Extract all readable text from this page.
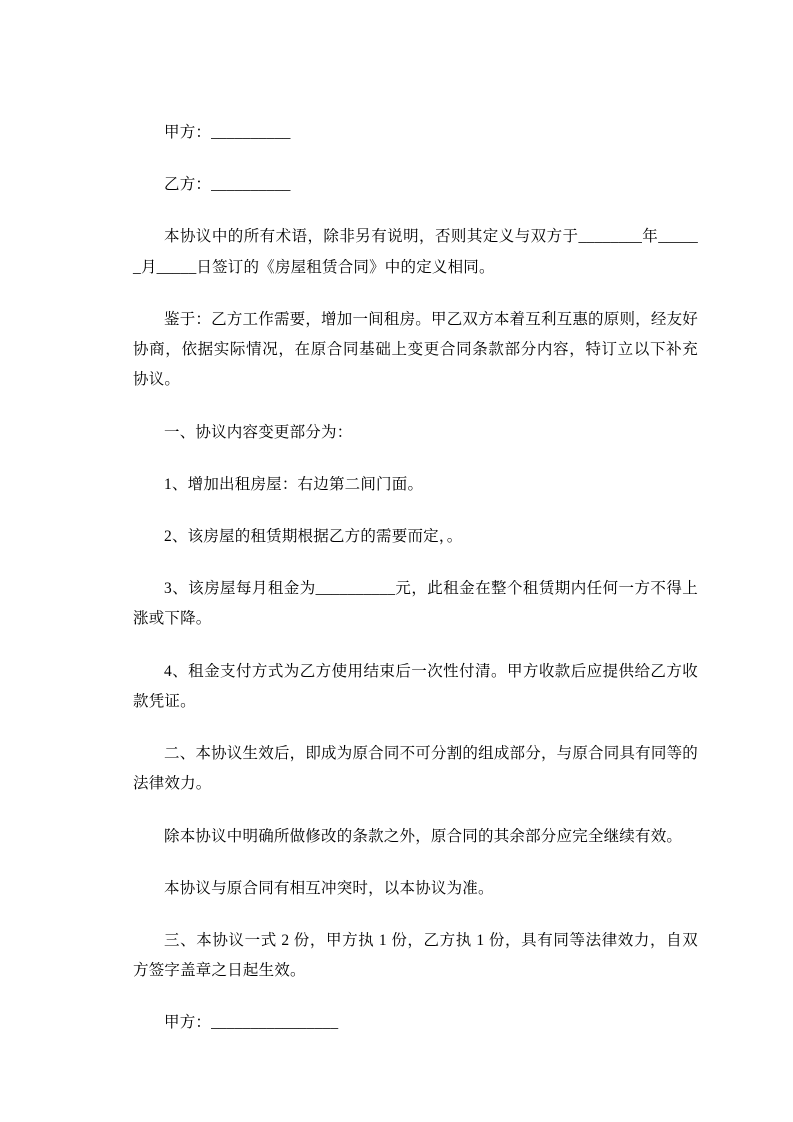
甲方：__________

乙方：__________

本协议中的所有术语，除非另有说明，否则其定义与双方于________年______月_____日签订的《房屋租赁合同》中的定义相同。

鉴于：乙方工作需要，增加一间租房。甲乙双方本着互利互惠的原则，经友好协商，依据实际情况，在原合同基础上变更合同条款部分内容，特订立以下补充协议。

一、协议内容变更部分为：

1、增加出租房屋：右边第二间门面。

2、该房屋的租赁期根据乙方的需要而定，。

3、该房屋每月租金为__________元，此租金在整个租赁期内任何一方不得上涨或下降。

4、租金支付方式为乙方使用结束后一次性付清。甲方收款后应提供给乙方收款凭证。

二、本协议生效后，即成为原合同不可分割的组成部分，与原合同具有同等的法律效力。

除本协议中明确所做修改的条款之外，原合同的其余部分应完全继续有效。

本协议与原合同有相互冲突时，以本协议为准。

三、本协议一式 2 份，甲方执 1 份，乙方执 1 份，具有同等法律效力，自双方签字盖章之日起生效。

甲方：________________
